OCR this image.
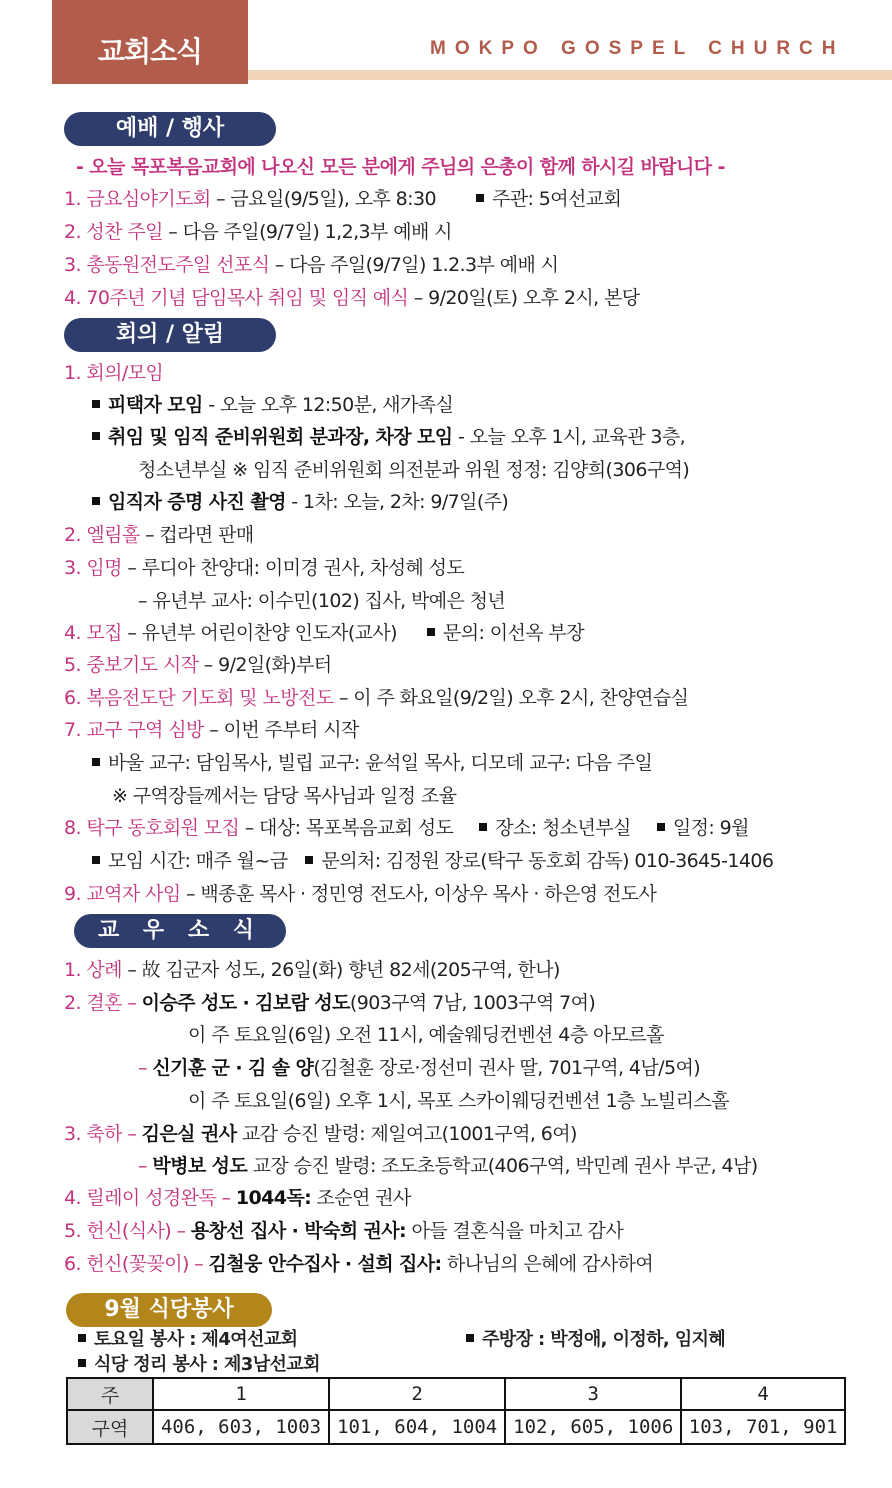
교회소식	MOKPO GOSPEL CHURCH
예배 / 행사
- 오늘 목포복음교회에 나오신 모든 분에게 주님의 은총이 함께 하시길 바랍니다 -
1. 금요심야기도회 – 금요일(9/5일), 오후 8:30	주관: 5여선교회
2. 성찬 주일 – 다음 주일(9/7일) 1,2,3부 예배 시
3. 총동원전도주일 선포식 – 다음 주일(9/7일) 1.2.3부 예배 시
4. 70주년 기념 담임목사 취임 및 임직 예식 – 9/20일(토) 오후 2시, 본당
회의 / 알림
1. 회의/모임
피택자 모임 - 오늘 오후 12:50분, 새가족실
취임 및 임직 준비위원회 분과장, 차장 모임 - 오늘 오후 1시, 교육관 3층,
청소년부실 ※ 임직 준비위원회 의전분과 위원 정정: 김양희(306구역)
임직자 증명 사진 촬영 - 1차: 오늘, 2차: 9/7일(주)
2. 엘림홀 – 컵라면 판매
3. 임명 – 루디아 찬양대: 이미경 권사, 차성혜 성도
– 유년부 교사: 이수민(102) 집사, 박예은 청년
4. 모집 – 유년부 어린이찬양 인도자(교사) 문의: 이선옥 부장
5. 중보기도 시작 – 9/2일(화)부터
6. 복음전도단 기도회 및 노방전도 – 이 주 화요일(9/2일) 오후 2시, 찬양연습실
7. 교구 구역 심방 – 이번 주부터 시작
바울 교구: 담임목사, 빌립 교구: 윤석일 목사, 디모데 교구: 다음 주일
※ 구역장들께서는 담당 목사님과 일정 조율
8. 탁구 동호회원 모집 – 대상: 목포복음교회 성도 장소: 청소년부실 일정: 9월
모임 시간: 매주 월~금 문의처: 김정원 장로(탁구 동호회 감독) 010-3645-1406
9. 교역자 사임 – 백종훈 목사 · 정민영 전도사, 이상우 목사 · 하은영 전도사
교 우 소 식
1. 상례 – 故 김군자 성도, 26일(화) 향년 82세(205구역, 한나)
2. 결혼 – 이승주 성도 · 김보람 성도(903구역 7남, 1003구역 7여)
이 주 토요일(6일) 오전 11시, 예술웨딩컨벤션 4층 아모르홀
– 신기훈 군 · 김 솔 양(김철훈 장로·정선미 권사 딸, 701구역, 4남/5여)
이 주 토요일(6일) 오후 1시, 목포 스카이웨딩컨벤션 1층 노빌리스홀
3. 축하 – 김은실 권사 교감 승진 발령: 제일여고(1001구역, 6여)
– 박병보 성도 교장 승진 발령: 조도초등학교(406구역, 박민례 권사 부군, 4남)
4. 릴레이 성경완독 – 1044독: 조순연 권사
5. 헌신(식사) – 용창선 집사 · 박숙희 권사: 아들 결혼식을 마치고 감사
6. 헌신(꽃꽂이) – 김철웅 안수집사 · 설희 집사: 하나님의 은혜에 감사하여
9월 식당봉사
토요일 봉사 : 제4여선교회	주방장 : 박정애, 이정하, 임지혜
식당 정리 봉사 : 제3남선교회
주	1	2	3	4
구역	406, 603, 1003	101, 604, 1004	102, 605, 1006	103, 701, 901
